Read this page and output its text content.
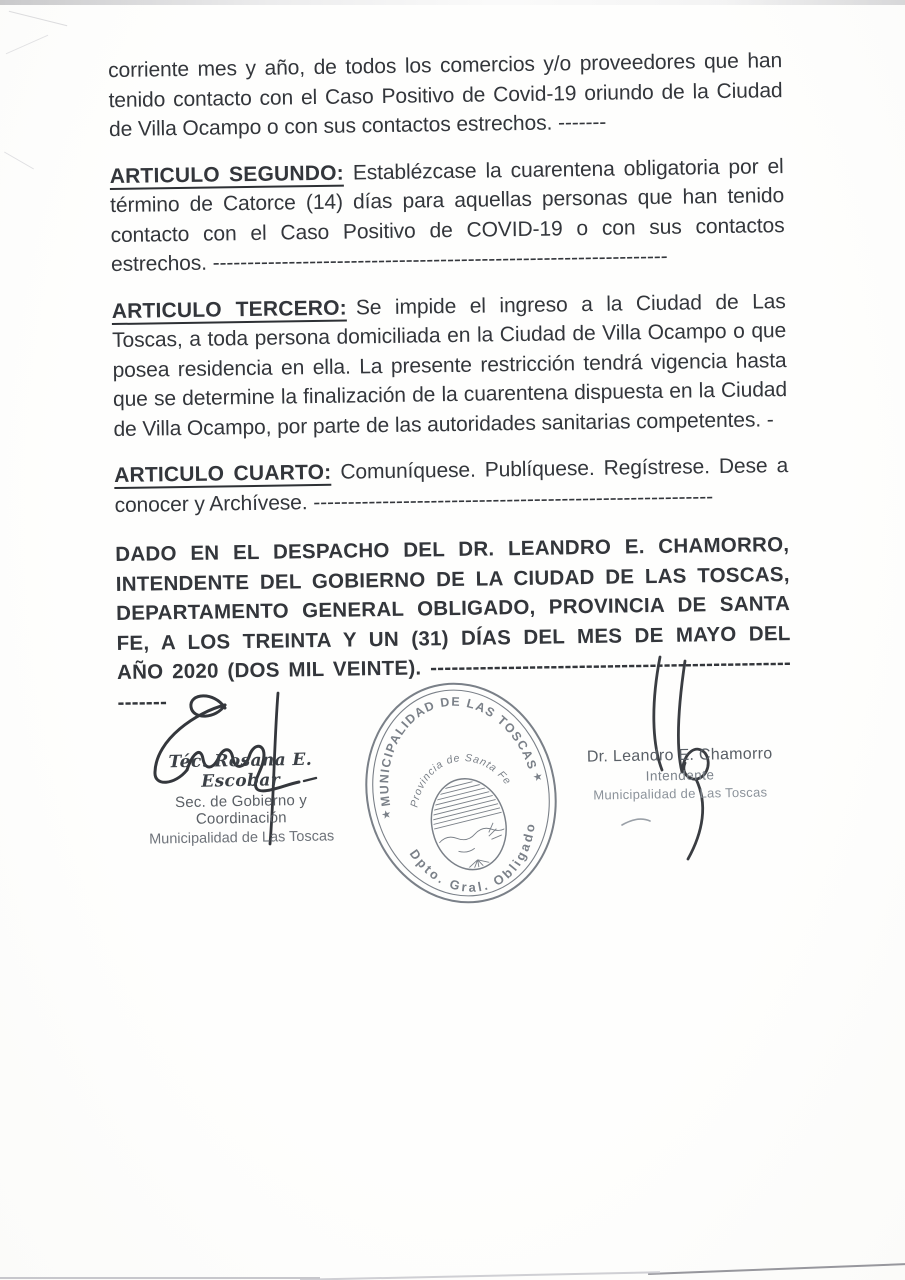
corriente mes y año, de todos los comercios y/o proveedores que han tenido contacto con el Caso Positivo de Covid-19 oriundo de la Ciudad de Villa Ocampo o con sus contactos estrechos. -------

ARTICULO SEGUNDO: Establézcase la cuarentena obligatoria por el término de Catorce (14) días para aquellas personas que han tenido contacto con el Caso Positivo de COVID-19 o con sus contactos estrechos. ------------------------------------------------------------------

ARTICULO TERCERO: Se impide el ingreso a la Ciudad de Las Toscas, a toda persona domiciliada en la Ciudad de Villa Ocampo o que posea residencia en ella. La presente restricción tendrá vigencia hasta que se determine la finalización de la cuarentena dispuesta en la Ciudad de Villa Ocampo, por parte de las autoridades sanitarias competentes. -

ARTICULO CUARTO: Comuníquese. Publíquese. Regístrese. Dese a conocer y Archívese. ----------------------------------------------------------

DADO EN EL DESPACHO DEL DR. LEANDRO E. CHAMORRO, INTENDENTE DEL GOBIERNO DE LA CIUDAD DE LAS TOSCAS, DEPARTAMENTO GENERAL OBLIGADO, PROVINCIA DE SANTA FE, A LOS TREINTA Y UN (31) DÍAS DEL MES DE MAYO DEL AÑO 2020 (DOS MIL VEINTE). ----------------------------------------------------------

Téc. Rosana E. Escobar
Sec. de Gobierno y Coordinación
Municipalidad de Las Toscas
MUNICIPALIDAD DE LAS TOSCAS
Dpto. Gral. Obligado
Provincia de Santa Fe
★
★
Dr. Leandro E. Chamorro
Intendente
Municipalidad de Las Toscas
